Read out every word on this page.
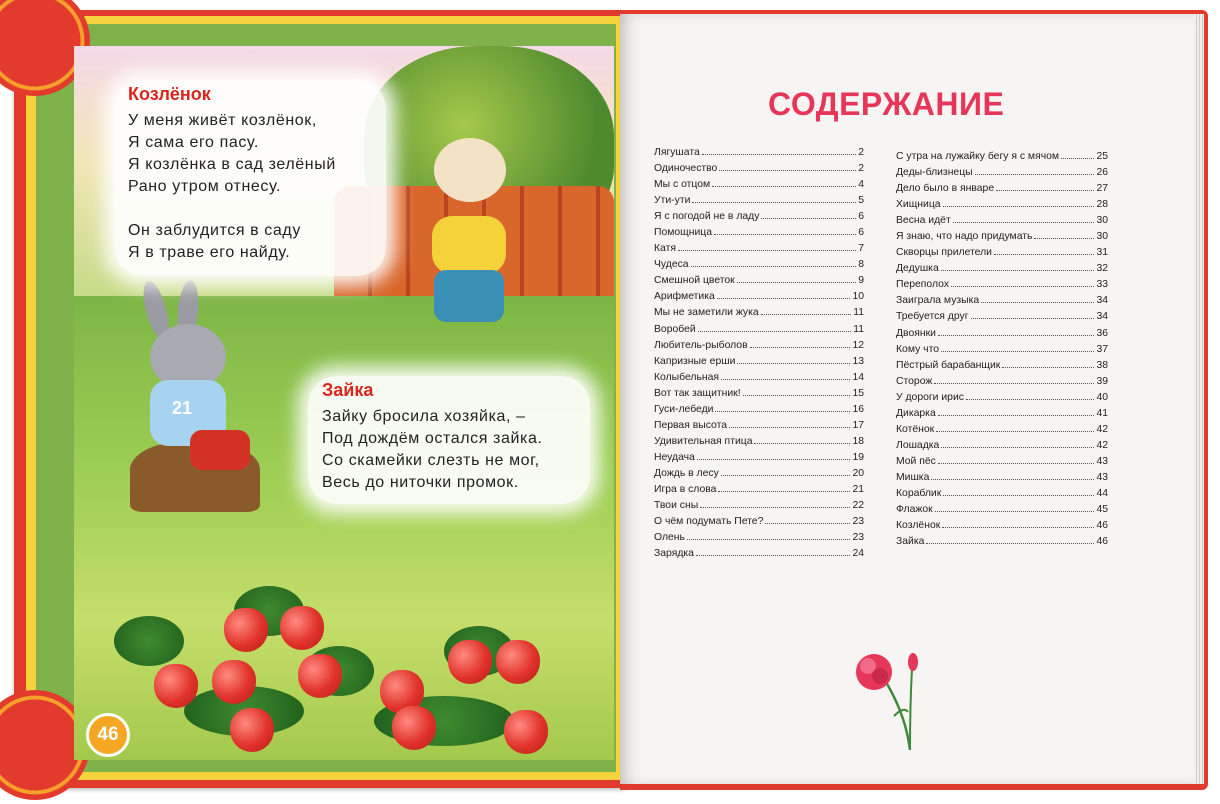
21
Козлёнок
У меня живёт козлёнок,
Я сама его пасу.
Я козлёнка в сад зелёный
Рано утром отнесу.
Он заблудится в саду
Я в траве его найду.
Зайка
Зайку бросила хозяйка, –
Под дождём остался зайка.
Со скамейки слезть не мог,
Весь до ниточки промок.
46
СОДЕРЖАНИЕ
Лягушата	2
Одиночество	2
Мы с отцом	4
Ути-ути	5
Я с погодой не в ладу	6
Помощница	6
Катя	7
Чудеса	8
Смешной цветок	9
Арифметика	10
Мы не заметили жука	11
Воробей	11
Любитель-рыболов	12
Капризные ерши	13
Колыбельная	14
Вот так защитник!	15
Гуси-лебеди	16
Первая высота	17
Удивительная птица	18
Неудача	19
Дождь в лесу	20
Игра в слова	21
Твои сны	22
О чём подумать Пете?	23
Олень	23
Зарядка	24
С утра на лужайку бегу я с мячом	25
Деды-близнецы	26
Дело было в январе	27
Хищница	28
Весна идёт	30
Я знаю, что надо придумать	30
Скворцы прилетели	31
Дедушка	32
Переполох	33
Заиграла музыка	34
Требуется друг	34
Двоянки	36
Кому что	37
Пёстрый барабанщик	38
Сторож	39
У дороги ирис	40
Дикарка	41
Котёнок	42
Лошадка	42
Мой пёс	43
Мишка	43
Кораблик	44
Флажок	45
Козлёнок	46
Зайка	46
